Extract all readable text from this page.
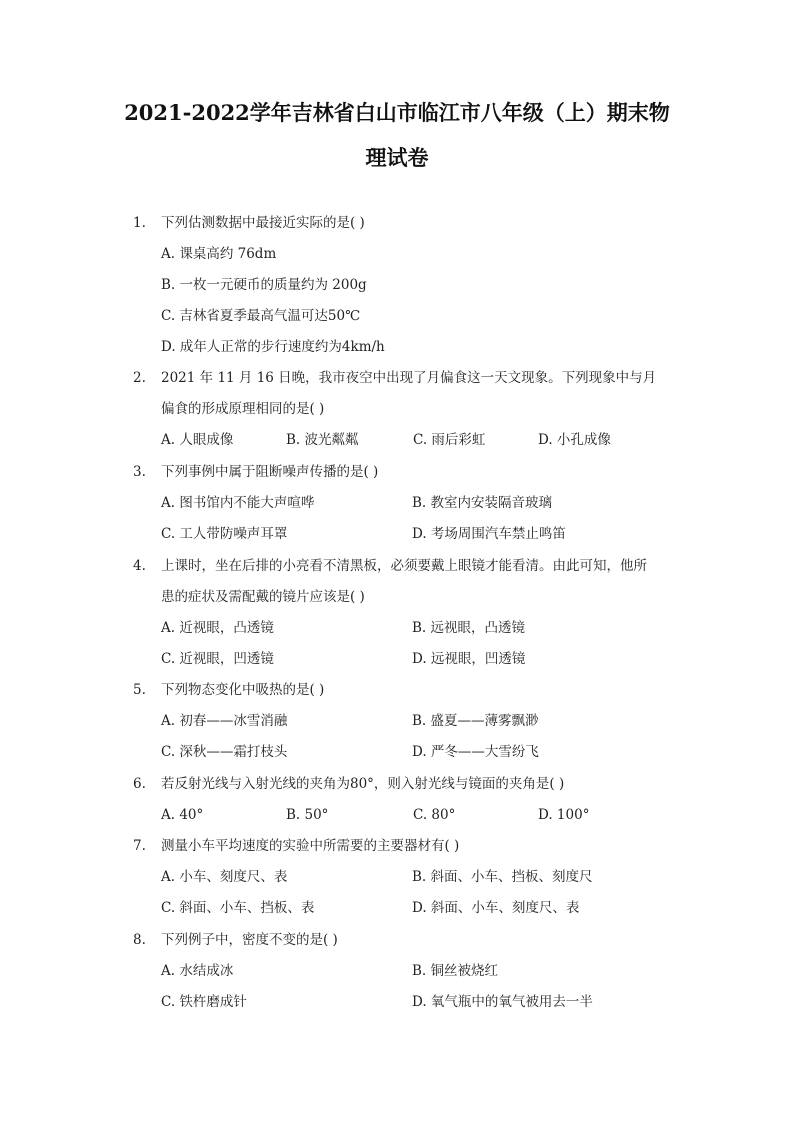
2021-2022学年吉林省白山市临江市八年级（上）期末物
理试卷
1. 下列估测数据中最接近实际的是( )
A. 课桌高约 76dm
B. 一枚一元硬币的质量约为 200g
C. 吉林省夏季最高气温可达50℃
D. 成年人正常的步行速度约为4km/h
2. 2021 年 11 月 16 日晚，我市夜空中出现了月偏食这一天文现象。下列现象中与月
偏食的形成原理相同的是( )
A. 人眼成像	B. 波光粼粼	C. 雨后彩虹	D. 小孔成像
3. 下列事例中属于阻断噪声传播的是( )
A. 图书馆内不能大声喧哗	B. 教室内安装隔音玻璃
C. 工人带防噪声耳罩	D. 考场周围汽车禁止鸣笛
4. 上课时，坐在后排的小亮看不清黑板，必须要戴上眼镜才能看清。由此可知，他所
患的症状及需配戴的镜片应该是( )
A. 近视眼，凸透镜	B. 远视眼，凸透镜
C. 近视眼，凹透镜	D. 远视眼，凹透镜
5. 下列物态变化中吸热的是( )
A. 初春——冰雪消融	B. 盛夏——薄雾飘渺
C. 深秋——霜打枝头	D. 严冬——大雪纷飞
6. 若反射光线与入射光线的夹角为80°，则入射光线与镜面的夹角是( )
A. 40°	B. 50°	C. 80°	D. 100°
7. 测量小车平均速度的实验中所需要的主要器材有( )
A. 小车、刻度尺、表	B. 斜面、小车、挡板、刻度尺
C. 斜面、小车、挡板、表	D. 斜面、小车、刻度尺、表
8. 下列例子中，密度不变的是( )
A. 水结成冰	B. 铜丝被烧红
C. 铁杵磨成针	D. 氧气瓶中的氧气被用去一半
